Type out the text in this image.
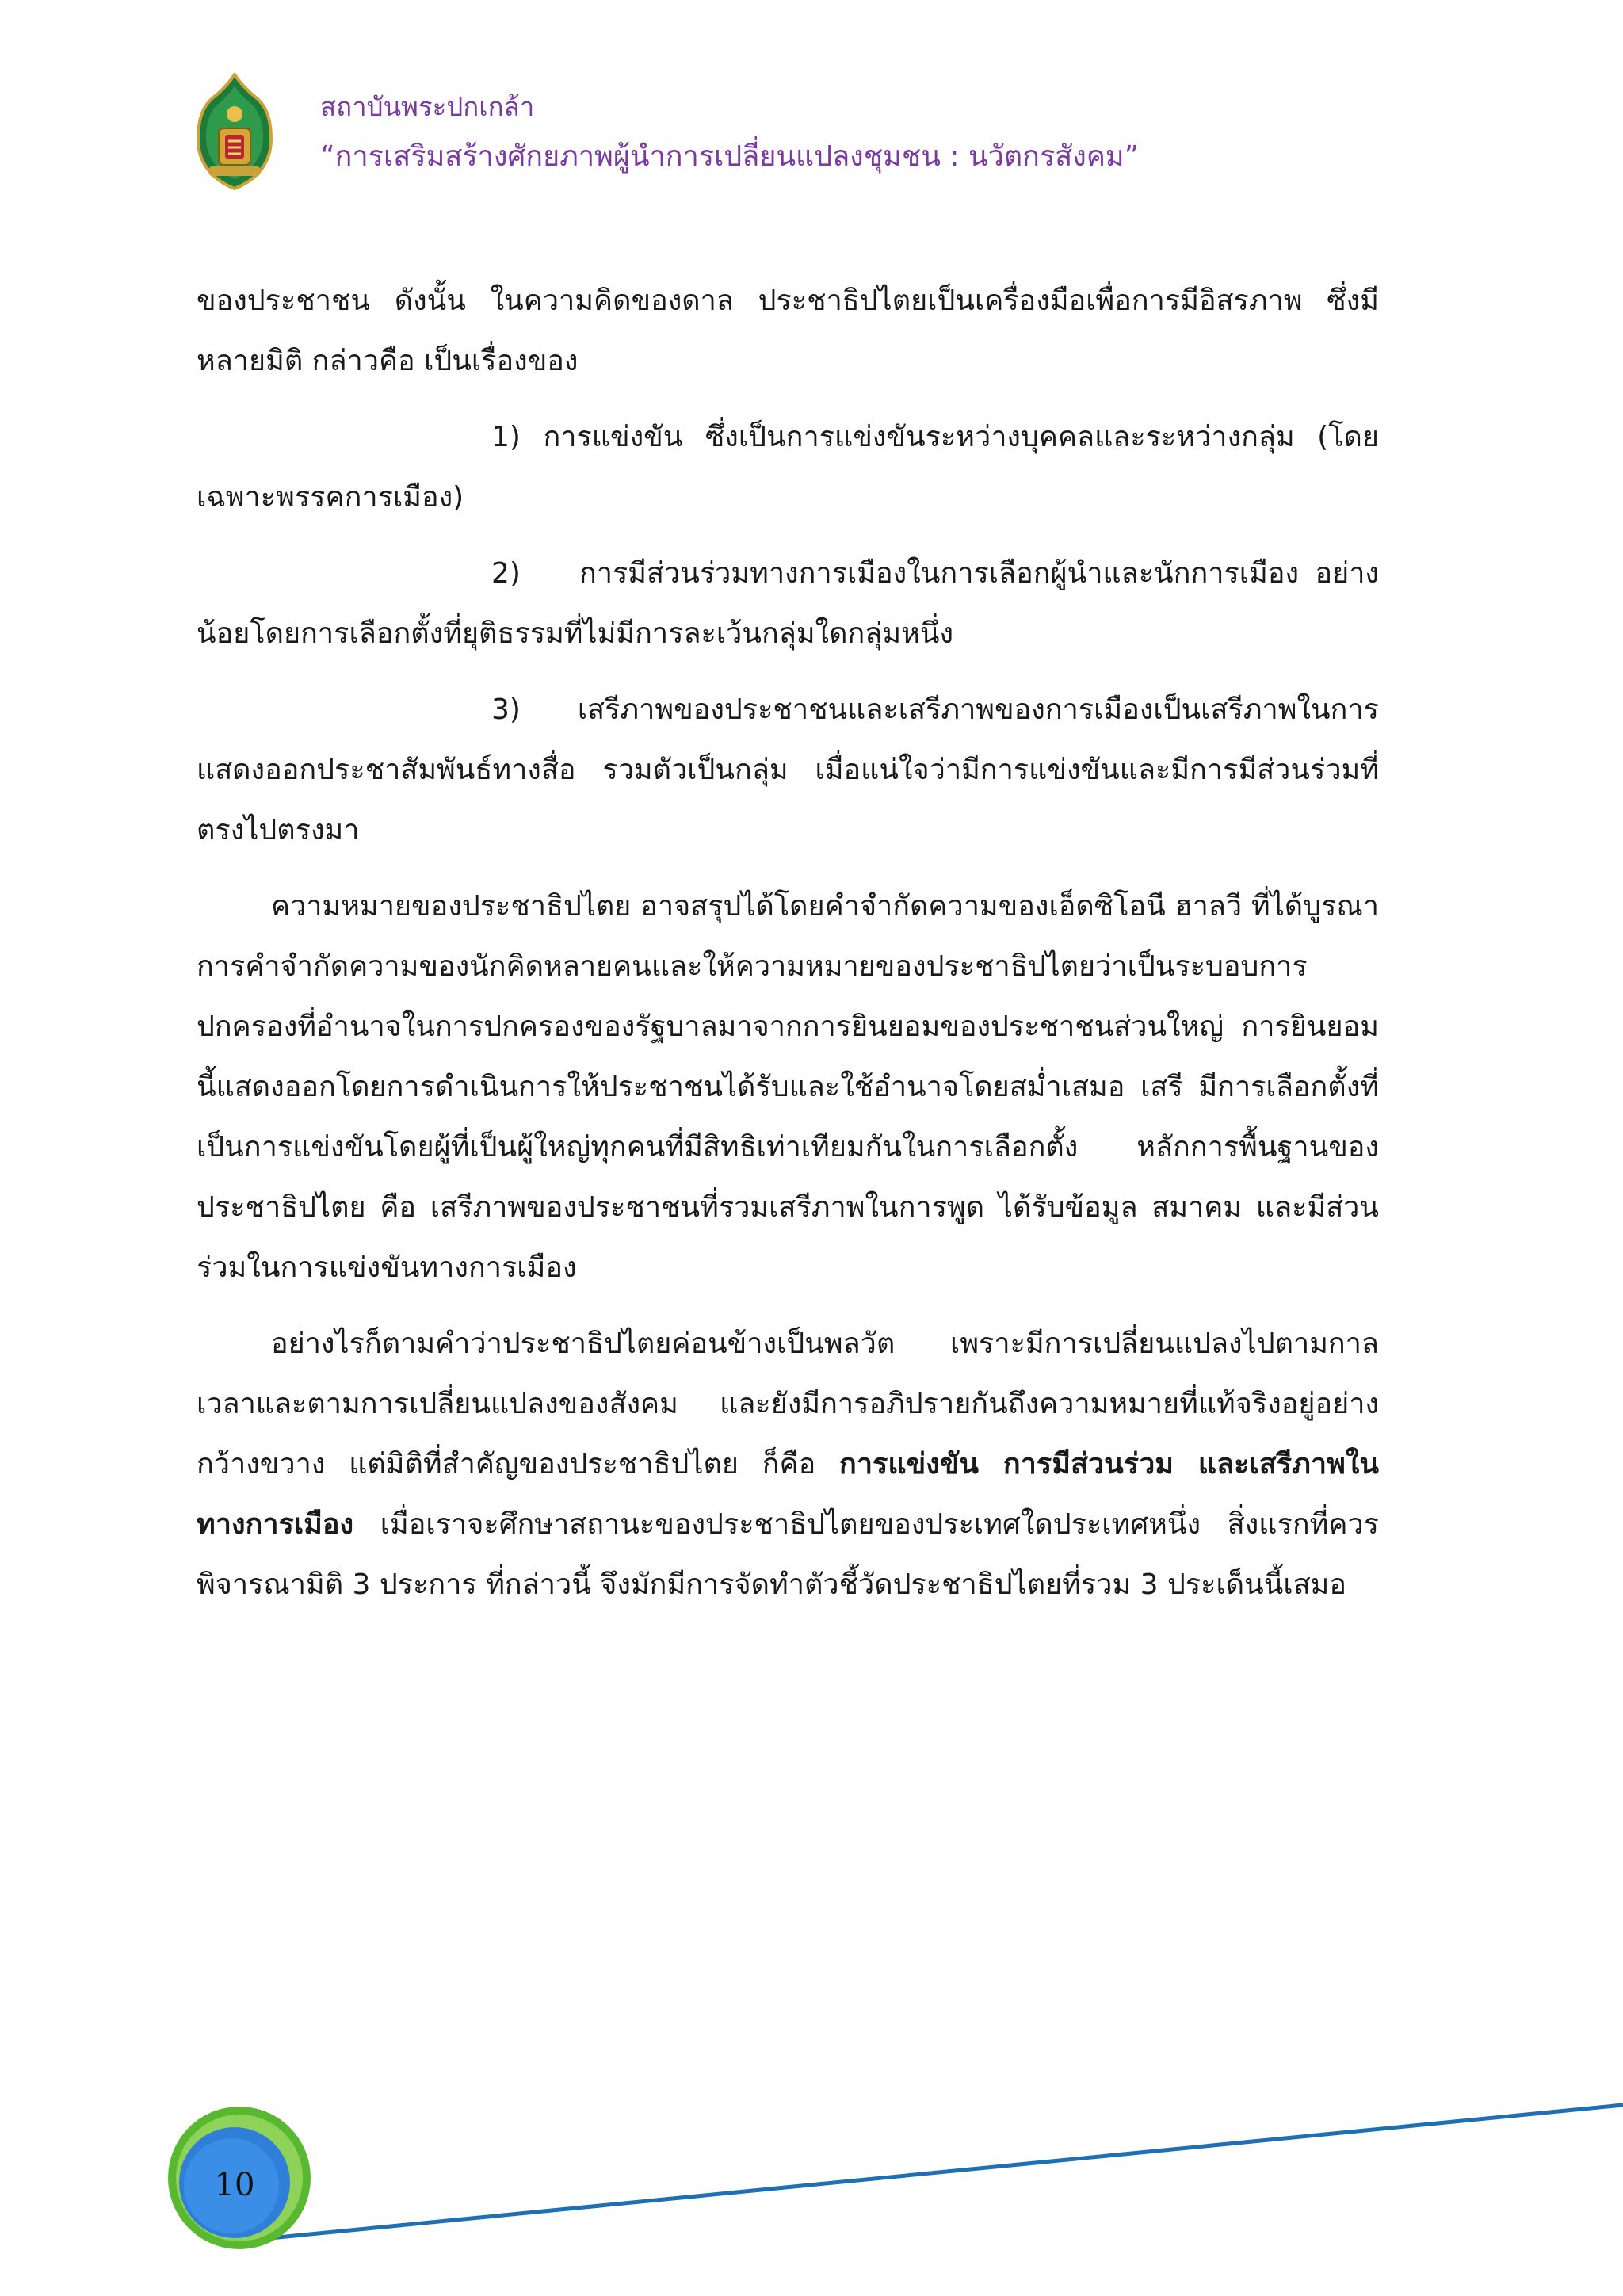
สถาบันพระปกเกล้า
“การเสริมสร้างศักยภาพผู้นำการเปลี่ยนแปลงชุมชน : นวัตกรสังคม”

ของประชาชน ดังนั้น ในความคิดของดาล ประชาธิปไตยเป็นเครื่องมือเพื่อการมีอิสรภาพ ซึ่งมีหลายมิติ กล่าวคือ เป็นเรื่องของ

1) การแข่งขัน ซึ่งเป็นการแข่งขันระหว่างบุคคลและระหว่างกลุ่ม (โดยเฉพาะพรรคการเมือง)

2) การมีส่วนร่วมทางการเมืองในการเลือกผู้นำและนักการเมือง อย่างน้อยโดยการเลือกตั้งที่ยุติธรรมที่ไม่มีการละเว้นกลุ่มใดกลุ่มหนึ่ง

3) เสรีภาพของประชาชนและเสรีภาพของการเมืองเป็นเสรีภาพในการแสดงออกประชาสัมพันธ์ทางสื่อ รวมตัวเป็นกลุ่ม เมื่อแน่ใจว่ามีการแข่งขันและมีการมีส่วนร่วมที่ตรงไปตรงมา

ความหมายของประชาธิปไตย อาจสรุปได้โดยคำจำกัดความของเอ็ดซิโอนี ฮาลวี ที่ได้บูรณาการคำจำกัดความของนักคิดหลายคนและให้ความหมายของประชาธิปไตยว่าเป็นระบอบการปกครองที่อำนาจในการปกครองของรัฐบาลมาจากการยินยอมของประชาชนส่วนใหญ่ การยินยอมนี้แสดงออกโดยการดำเนินการให้ประชาชนได้รับและใช้อำนาจโดยสม่ำเสมอ เสรี มีการเลือกตั้งที่เป็นการแข่งขันโดยผู้ที่เป็นผู้ใหญ่ทุกคนที่มีสิทธิเท่าเทียมกันในการเลือกตั้ง หลักการพื้นฐานของประชาธิปไตย คือ เสรีภาพของประชาชนที่รวมเสรีภาพในการพูด ได้รับข้อมูล สมาคม และมีส่วนร่วมในการแข่งขันทางการเมือง

อย่างไรก็ตามคำว่าประชาธิปไตยค่อนข้างเป็นพลวัต เพราะมีการเปลี่ยนแปลงไปตามกาลเวลาและตามการเปลี่ยนแปลงของสังคม และยังมีการอภิปรายกันถึงความหมายที่แท้จริงอยู่อย่างกว้างขวาง แต่มิติที่สำคัญของประชาธิปไตย ก็คือ การแข่งขัน การมีส่วนร่วม และเสรีภาพในทางการเมือง เมื่อเราจะศึกษาสถานะของประชาธิปไตยของประเทศใดประเทศหนึ่ง สิ่งแรกที่ควรพิจารณามิติ 3 ประการ ที่กล่าวนี้ จึงมักมีการจัดทำตัวชี้วัดประชาธิปไตยที่รวม 3 ประเด็นนี้เสมอ

10
